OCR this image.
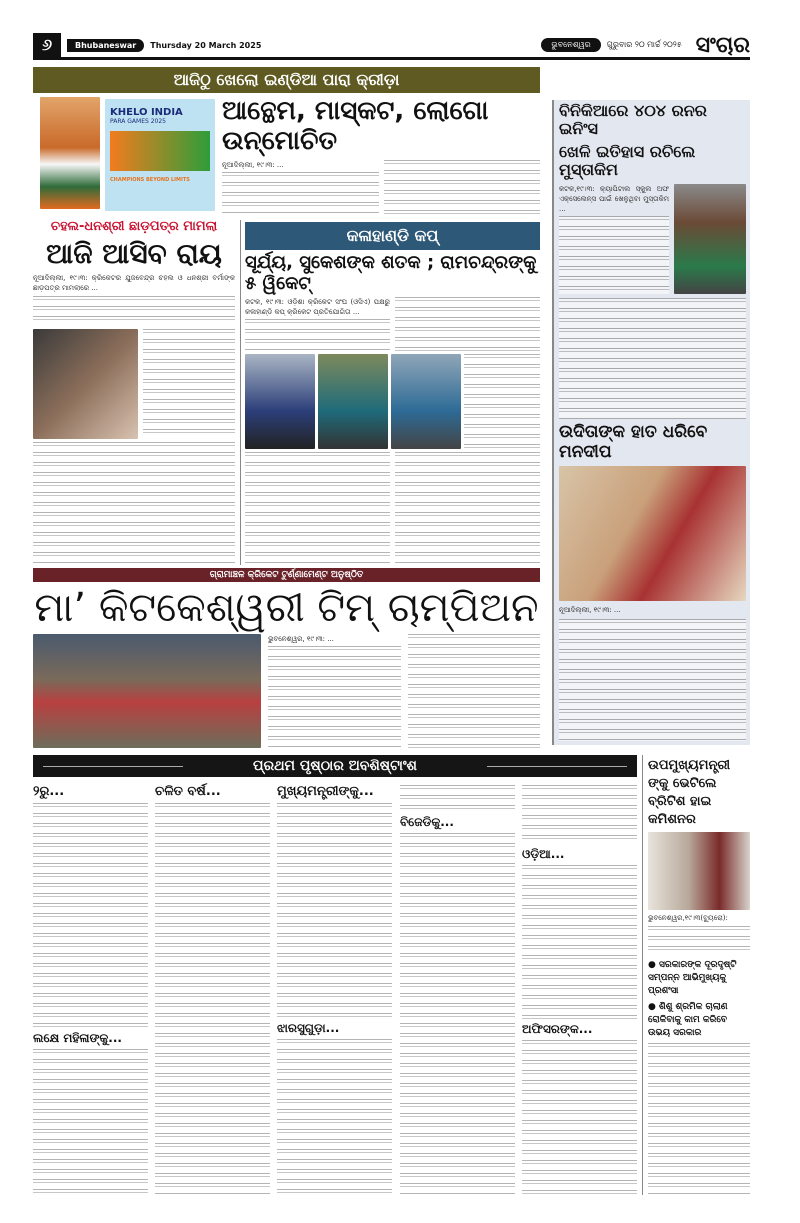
୬	Bhubaneswar	Thursday 20 March 2025	ଭୁବନେଶ୍ୱର	ଗୁରୁବାର ୨୦ ମାର୍ଚ୍ଚ ୨୦୨୫ ସଂଚାର
ଆଜିଠୁ ଖେଲୋ ଇଣ୍ଡିଆ ପାରା କ୍ରୀଡ଼ା
KHELO INDIA
PARA GAMES 2025
CHAMPIONS BEYOND LIMITS
ଆନ୍ଥେମ, ମାସ୍କଟ, ଲୋଗୋ ଉନ୍ମୋଚିତ
ନୂଆଦିଲ୍ଲୀ, ୧୯।୩: ...
ଚହଲ-ଧନଶ୍ରୀ ଛାଡ଼ପତ୍ର ମାମଲା
ଆଜି ଆସିବ ରାୟ
ନୂଆଦିଲ୍ଲୀ, ୧୯।୩: କ୍ରିକେଟର ଯୁଜବେନ୍ଦ୍ର ଚହଲ ଓ ଧନଶ୍ରୀ ବର୍ମାଙ୍କ ଛାଡ଼ପତ୍ର ମାମଲାରେ ...
କଳାହାଣ୍ଡି କପ୍
ସୂର୍ଯ୍ୟ, ସୁକେଶଙ୍କ ଶତକ ; ରାମଚନ୍ଦ୍ରଙ୍କୁ ୫ ୱିକେଟ୍
କଟକ, ୧୯।୩: ଓଡ଼ିଶା କ୍ରିକେଟ ସଂଘ (ଓସିଏ) ପକ୍ଷରୁ କଳାହାଣ୍ଡି କପ୍ କ୍ରିକେଟ ପ୍ରତିଯୋଗିତା ...
ଗ୍ରାମାଞ୍ଚଳ କ୍ରିକେଟ ଟୁର୍ଣ୍ଣାମେଣ୍ଟ ଅନୁଷ୍ଠିତ
ମା’ କିଟକେଶ୍ୱରୀ ଟିମ୍ ଚାମ୍ପିଅନ
ଭୁବନେଶ୍ୱର, ୧୯।୩: ...
ବିନିକିଆରେ ୪୦୪ ରନର ଇନିଂସ
ଖେଳି ଇତିହାସ ରଚିଲେ ମୁସ୍ତାକିମ
କଟକ,୧୯।୩: କ୍ୟାପିଟାଲ ସ୍କୁଲ ଅଫ ଏକ୍ସେଲେନ୍ସ ପାଇଁ ଖେଳୁଥିବା ମୁସ୍ତାକିମ ...
ଉଦିତାଙ୍କ ହାତ ଧରିବେ ମନଦୀପ
ନୂଆଦିଲ୍ଲୀ, ୧୯।୩: ...
ପ୍ରଥମ ପୃଷ୍ଠାର ଅବଶିଷ୍ଟାଂଶ
୨ରୁ...
ଲକ୍ଷେ ମହିଳାଙ୍କୁ...
ଚଳିତ ବର୍ଷ...	ମୁଖ୍ୟମନ୍ତ୍ରୀଙ୍କୁ...
ଝାରସୁଗୁଡ଼ା...
ବିଜେଡିକୁ...
ଓଡ଼ିଆ...
ଅଫିସରଙ୍କ...
ଉପମୁଖ୍ୟମନ୍ତ୍ରୀଙ୍କୁ ଭେଟିଲେ ବ୍ରିଟିଶ ହାଇ କମିଶନର
ଭୁବନେଶ୍ୱର,୧୯।୩(ବ୍ୟୁରୋ):
● ସରକାରଙ୍କ ଦୂରଦୃଷ୍ଟି ସମ୍ପନ୍ନ ଆଭିମୁଖ୍ୟକୁ ପ୍ରଶଂସା
● ଶିଶୁ ଶ୍ରମିକ ଚାଲାଣ ରୋକିବାକୁ କାମ କରିବେ ଉଭୟ ସରକାର
